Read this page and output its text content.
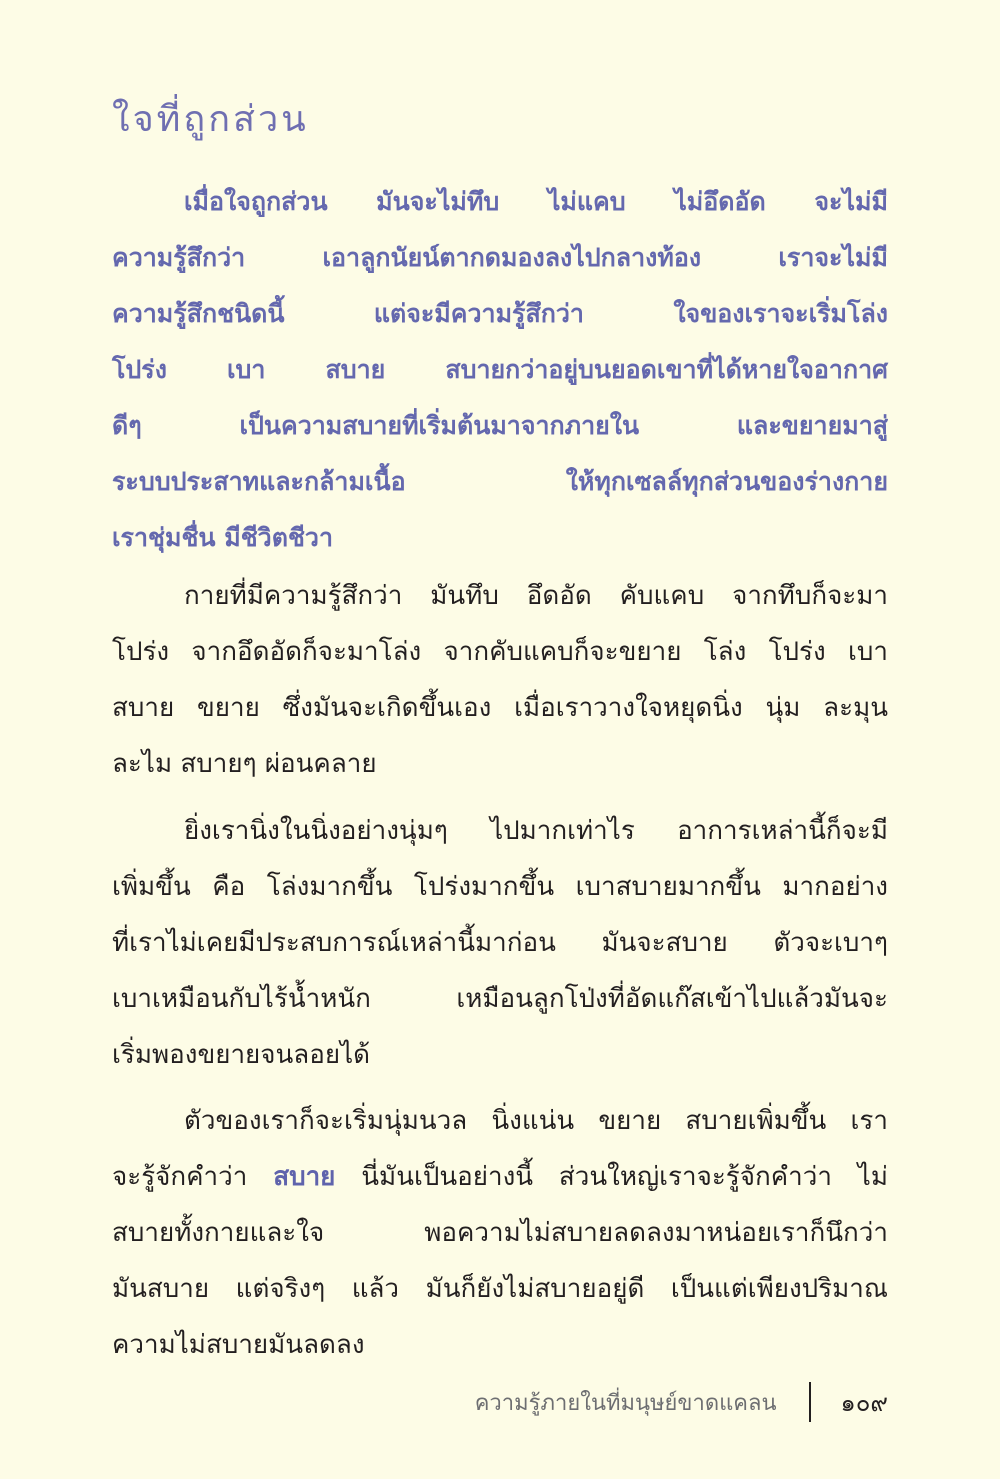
ใจที่ถูกส่วน
เมื่อใจถูกส่วน มันจะไม่ทึบ ไม่แคบ ไม่อึดอัด จะไม่มี
ความรู้สึกว่า เอาลูกนัยน์ตากดมองลงไปกลางท้อง เราจะไม่มี
ความรู้สึกชนิดนี้ แต่จะมีความรู้สึกว่า ใจของเราจะเริ่มโล่ง
โปร่ง เบา สบาย สบายกว่าอยู่บนยอดเขาที่ได้หายใจอากาศ
ดีๆ เป็นความสบายที่เริ่มต้นมาจากภายใน และขยายมาสู่
ระบบประสาทและกล้ามเนื้อ ให้ทุกเซลล์ทุกส่วนของร่างกาย
เราชุ่มชื่น มีชีวิตชีวา
กายที่มีความรู้สึกว่า มันทึบ อึดอัด คับแคบ จากทึบก็จะมา
โปร่ง จากอึดอัดก็จะมาโล่ง จากคับแคบก็จะขยาย โล่ง โปร่ง เบา
สบาย ขยาย ซึ่งมันจะเกิดขึ้นเอง เมื่อเราวางใจหยุดนิ่ง นุ่ม ละมุน
ละไม สบายๆ ผ่อนคลาย
ยิ่งเรานิ่งในนิ่งอย่างนุ่มๆ ไปมากเท่าไร อาการเหล่านี้ก็จะมี
เพิ่มขึ้น คือ โล่งมากขึ้น โปร่งมากขึ้น เบาสบายมากขึ้น มากอย่าง
ที่เราไม่เคยมีประสบการณ์เหล่านี้มาก่อน มันจะสบาย ตัวจะเบาๆ
เบาเหมือนกับไร้น้ำหนัก เหมือนลูกโป่งที่อัดแก๊สเข้าไปแล้วมันจะ
เริ่มพองขยายจนลอยได้
ตัวของเราก็จะเริ่มนุ่มนวล นิ่งแน่น ขยาย สบายเพิ่มขึ้น เรา
จะรู้จักคำว่า สบาย นี่มันเป็นอย่างนี้ ส่วนใหญ่เราจะรู้จักคำว่า ไม่
สบายทั้งกายและใจ พอความไม่สบายลดลงมาหน่อยเราก็นึกว่า
มันสบาย แต่จริงๆ แล้ว มันก็ยังไม่สบายอยู่ดี เป็นแต่เพียงปริมาณ
ความไม่สบายมันลดลง
ความรู้ภายในที่มนุษย์ขาดแคลน	๑๐๙
